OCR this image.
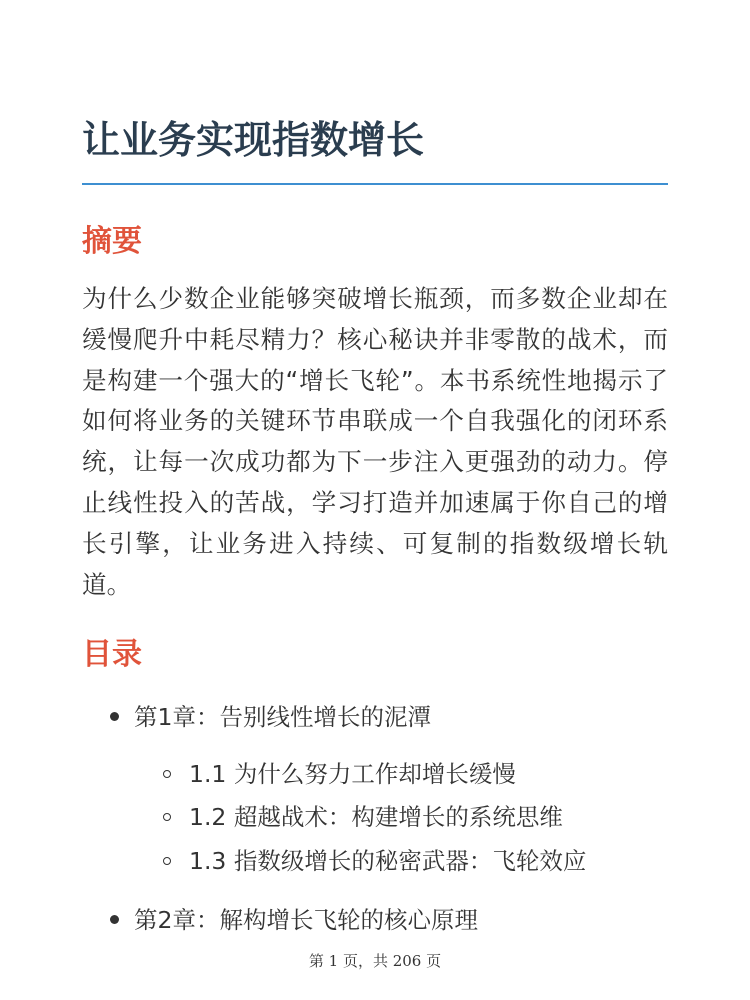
让业务实现指数增长
摘要

为什么少数企业能够突破增长瓶颈，而多数企业却在缓慢爬升中耗尽精力？核心秘诀并非零散的战术，而是构建一个强大的“增长飞轮”。本书系统性地揭示了如何将业务的关键环节串联成一个自我强化的闭环系统，让每一次成功都为下一步注入更强劲的动力。停止线性投入的苦战，学习打造并加速属于你自己的增长引擎，让业务进入持续、可复制的指数级增长轨道。

目录
第1章：告别线性增长的泥潭
1.1 为什么努力工作却增长缓慢
1.2 超越战术：构建增长的系统思维
1.3 指数级增长的秘密武器：飞轮效应
第2章：解构增长飞轮的核心原理
第 1 页，共 206 页
